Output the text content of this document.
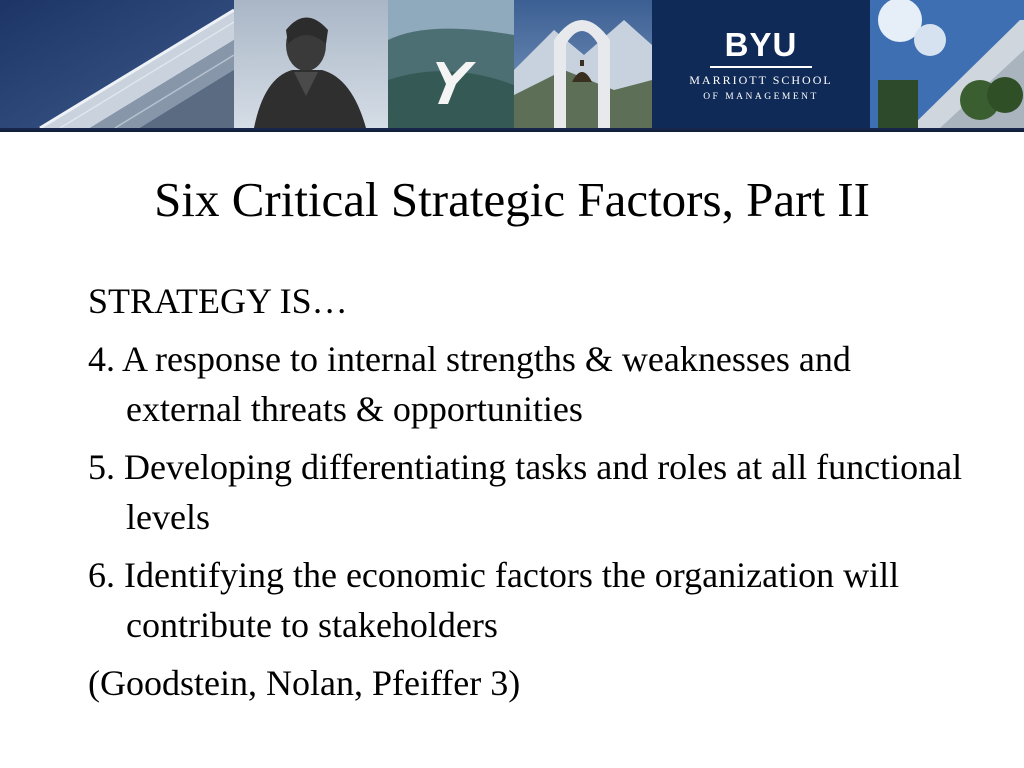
BYU
MARRIOTT SCHOOL
OF MANAGEMENT
Six Critical Strategic Factors, Part II
STRATEGY IS…
4. A response to internal strengths & weaknesses and external threats & opportunities
5. Developing differentiating tasks and roles at all functional levels
6. Identifying the economic factors the organization will contribute to stakeholders
(Goodstein, Nolan, Pfeiffer 3)
